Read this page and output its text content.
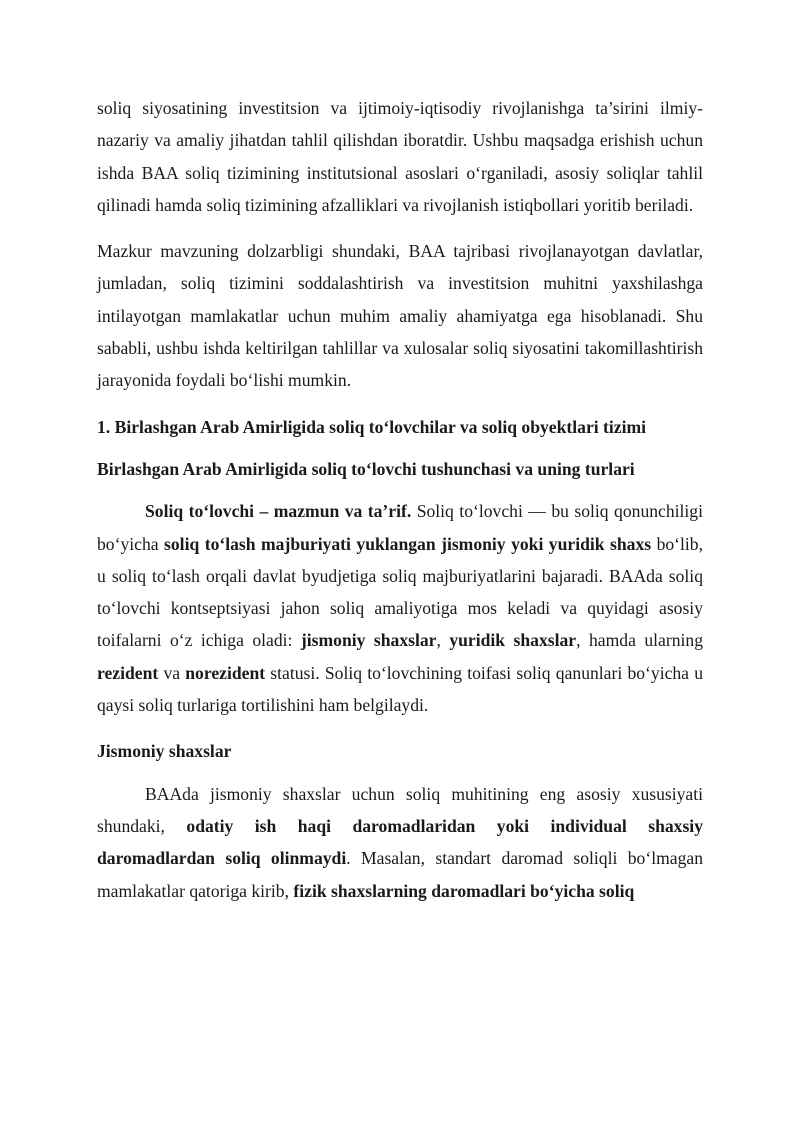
soliq siyosatining investitsion va ijtimoiy-iqtisodiy rivojlanishga ta’sirini ilmiy-nazariy va amaliy jihatdan tahlil qilishdan iboratdir. Ushbu maqsadga erishish uchun ishda BAA soliq tizimining institutsional asoslari o‘rganiladi, asosiy soliqlar tahlil qilinadi hamda soliq tizimining afzalliklari va rivojlanish istiqbollari yoritib beriladi.

Mazkur mavzuning dolzarbligi shundaki, BAA tajribasi rivojlanayotgan davlatlar, jumladan, soliq tizimini soddalashtirish va investitsion muhitni yaxshilashga intilayotgan mamlakatlar uchun muhim amaliy ahamiyatga ega hisoblanadi. Shu sababli, ushbu ishda keltirilgan tahlillar va xulosalar soliq siyosatini takomillashtirish jarayonida foydali bo‘lishi mumkin.

1. Birlashgan Arab Amirligida soliq to‘lovchilar va soliq obyektlari tizimi

Birlashgan Arab Amirligida soliq to‘lovchi tushunchasi va uning turlari

Soliq to‘lovchi – mazmun va ta’rif. Soliq to‘lovchi — bu soliq qonunchiligi bo‘yicha soliq to‘lash majburiyati yuklangan jismoniy yoki yuridik shaxs bo‘lib, u soliq to‘lash orqali davlat byudjetiga soliq majburiyatlarini bajaradi. BAAda soliq to‘lovchi kontseptsiyasi jahon soliq amaliyotiga mos keladi va quyidagi asosiy toifalarni o‘z ichiga oladi: jismoniy shaxslar, yuridik shaxslar, hamda ularning rezident va norezident statusi. Soliq to‘lovchining toifasi soliq qanunlari bo‘yicha u qaysi soliq turlariga tortilishini ham belgilaydi.

Jismoniy shaxslar

BAAda jismoniy shaxslar uchun soliq muhitining eng asosiy xususiyati shundaki, odatiy ish haqi daromadlaridan yoki individual shaxsiy daromadlardan soliq olinmaydi. Masalan, standart daromad soliqli bo‘lmagan mamlakatlar qatoriga kirib, fizik shaxslarning daromadlari bo‘yicha soliq
